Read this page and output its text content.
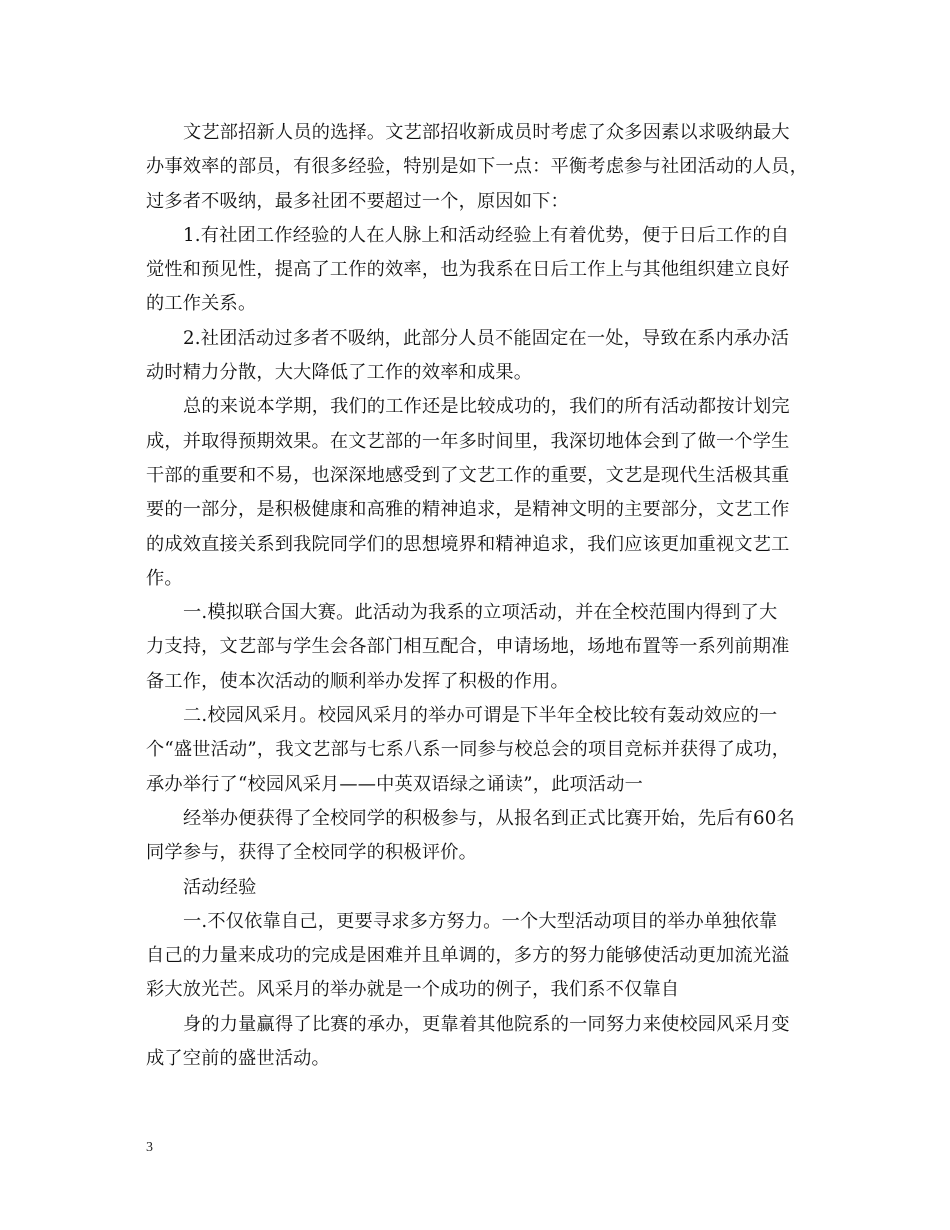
文艺部招新人员的选择。文艺部招收新成员时考虑了众多因素以求吸纳最大
办事效率的部员，有很多经验，特别是如下一点：平衡考虑参与社团活动的人员，
过多者不吸纳，最多社团不要超过一个，原因如下：

1.有社团工作经验的人在人脉上和活动经验上有着优势，便于日后工作的自
觉性和预见性，提高了工作的效率，也为我系在日后工作上与其他组织建立良好
的工作关系。

2.社团活动过多者不吸纳，此部分人员不能固定在一处，导致在系内承办活
动时精力分散，大大降低了工作的效率和成果。

总的来说本学期，我们的工作还是比较成功的，我们的所有活动都按计划完
成，并取得预期效果。在文艺部的一年多时间里，我深切地体会到了做一个学生
干部的重要和不易，也深深地感受到了文艺工作的重要，文艺是现代生活极其重
要的一部分，是积极健康和高雅的精神追求，是精神文明的主要部分，文艺工作
的成效直接关系到我院同学们的思想境界和精神追求，我们应该更加重视文艺工
作。

一.模拟联合国大赛。此活动为我系的立项活动，并在全校范围内得到了大
力支持，文艺部与学生会各部门相互配合，申请场地，场地布置等一系列前期准
备工作，使本次活动的顺利举办发挥了积极的作用。

二.校园风采月。校园风采月的举办可谓是下半年全校比较有轰动效应的一
个“盛世活动”，我文艺部与七系八系一同参与校总会的项目竞标并获得了成功，
承办举行了“校园风采月——中英双语绿之诵读”，此项活动一

经举办便获得了全校同学的积极参与，从报名到正式比赛开始，先后有60名
同学参与，获得了全校同学的积极评价。

活动经验

一.不仅依靠自己，更要寻求多方努力。一个大型活动项目的举办单独依靠
自己的力量来成功的完成是困难并且单调的，多方的努力能够使活动更加流光溢
彩大放光芒。风采月的举办就是一个成功的例子，我们系不仅靠自

身的力量赢得了比赛的承办，更靠着其他院系的一同努力来使校园风采月变
成了空前的盛世活动。

3
